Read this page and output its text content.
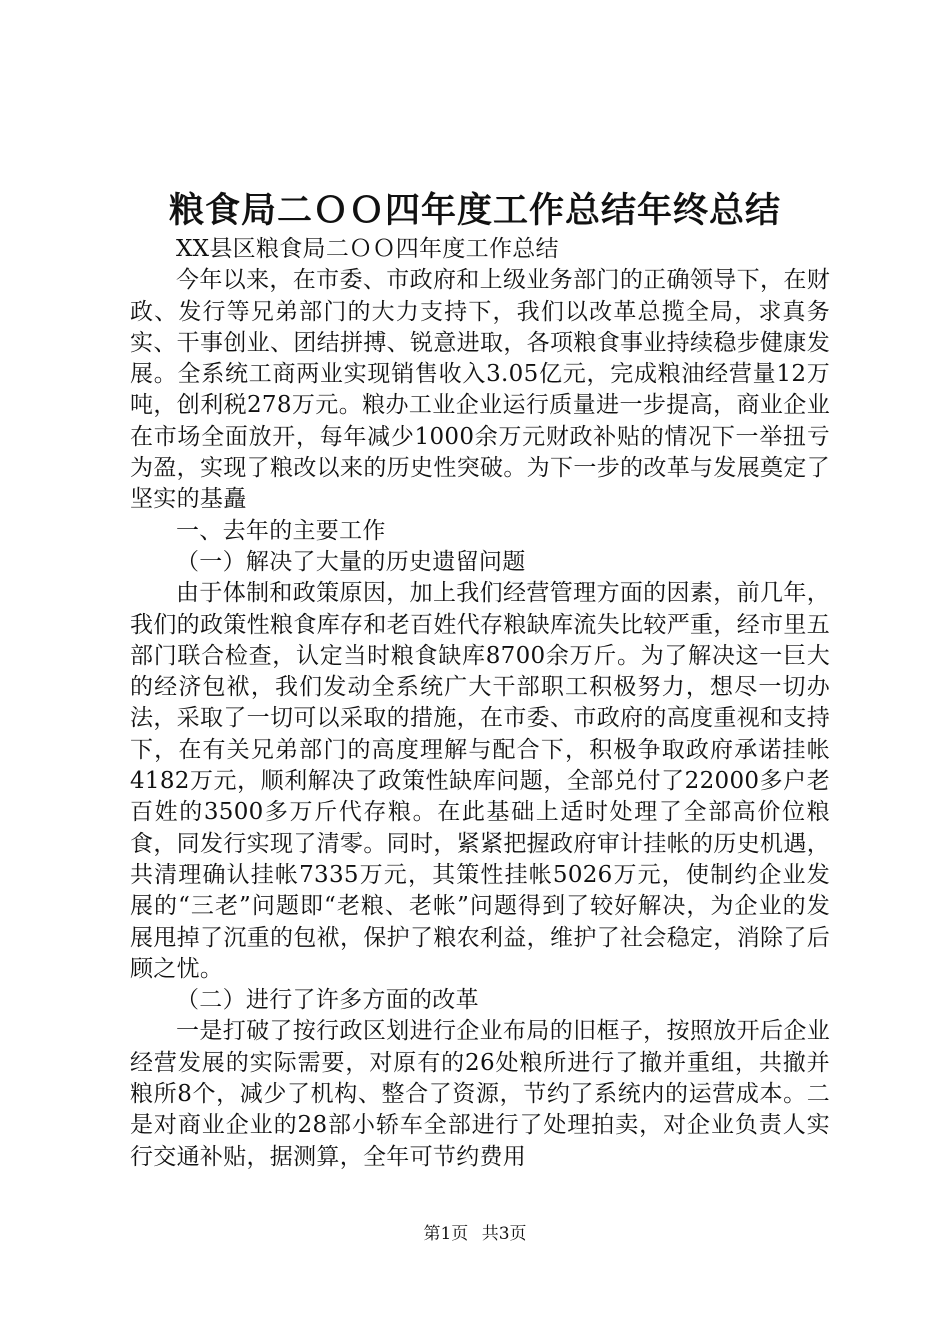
粮食局二ＯＯ四年度工作总结年终总结

XX县区粮食局二ＯＯ四年度工作总结

今年以来，在市委、市政府和上级业务部门的正确领导下，在财政、发行等兄弟部门的大力支持下，我们以改革总揽全局，求真务实、干事创业、团结拼搏、锐意进取，各项粮食事业持续稳步健康发展。全系统工商两业实现销售收入3.05亿元，完成粮油经营量12万吨，创利税278万元。粮办工业企业运行质量进一步提高，商业企业在市场全面放开，每年减少1000余万元财政补贴的情况下一举扭亏为盈，实现了粮改以来的历史性突破。为下一步的改革与发展奠定了坚实的基矗

一、去年的主要工作

（一）解决了大量的历史遗留问题

由于体制和政策原因，加上我们经营管理方面的因素，前几年，我们的政策性粮食库存和老百姓代存粮缺库流失比较严重，经市里五部门联合检查，认定当时粮食缺库8700余万斤。为了解决这一巨大的经济包袱，我们发动全系统广大干部职工积极努力，想尽一切办法，采取了一切可以采取的措施，在市委、市政府的高度重视和支持下，在有关兄弟部门的高度理解与配合下，积极争取政府承诺挂帐4182万元，顺利解决了政策性缺库问题，全部兑付了22000多户老百姓的3500多万斤代存粮。在此基础上适时处理了全部高价位粮食，同发行实现了清零。同时，紧紧把握政府审计挂帐的历史机遇，共清理确认挂帐7335万元，其策性挂帐5026万元，使制约企业发展的“三老”问题即“老粮、老帐”问题得到了较好解决，为企业的发展甩掉了沉重的包袱，保护了粮农利益，维护了社会稳定，消除了后顾之忧。

（二）进行了许多方面的改革

一是打破了按行政区划进行企业布局的旧框子，按照放开后企业经营发展的实际需要，对原有的26处粮所进行了撤并重组，共撤并粮所8个，减少了机构、整合了资源，节约了系统内的运营成本。二是对商业企业的28部小轿车全部进行了处理拍卖，对企业负责人实行交通补贴，据测算，全年可节约费用

第1页 共3页
